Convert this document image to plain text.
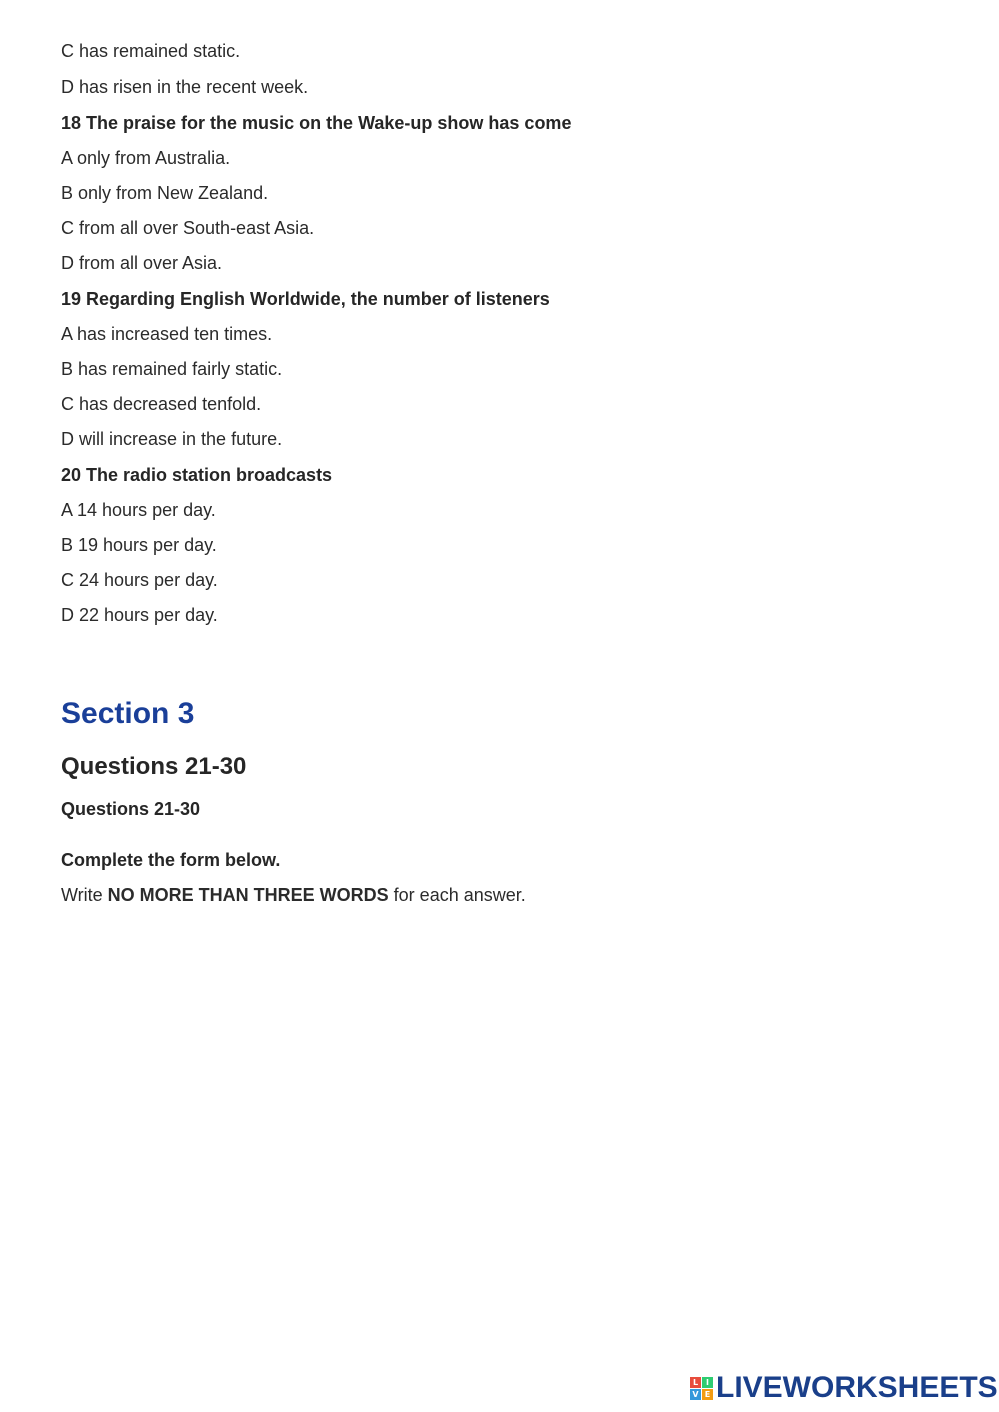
C has remained static.
D has risen in the recent week.
18 The praise for the music on the Wake-up show has come
A only from Australia.
B only from New Zealand.
C from all over South-east Asia.
D from all over Asia.
19 Regarding English Worldwide, the number of listeners
A has increased ten times.
B has remained fairly static.
C has decreased tenfold.
D will increase in the future.
20 The radio station broadcasts
A 14 hours per day.
B 19 hours per day.
C 24 hours per day.
D 22 hours per day.
Section 3
Questions 21-30
Questions 21-30
Complete the form below.
Write NO MORE THAN THREE WORDS for each answer.
L I
V E LIVEWORKSHEETS
